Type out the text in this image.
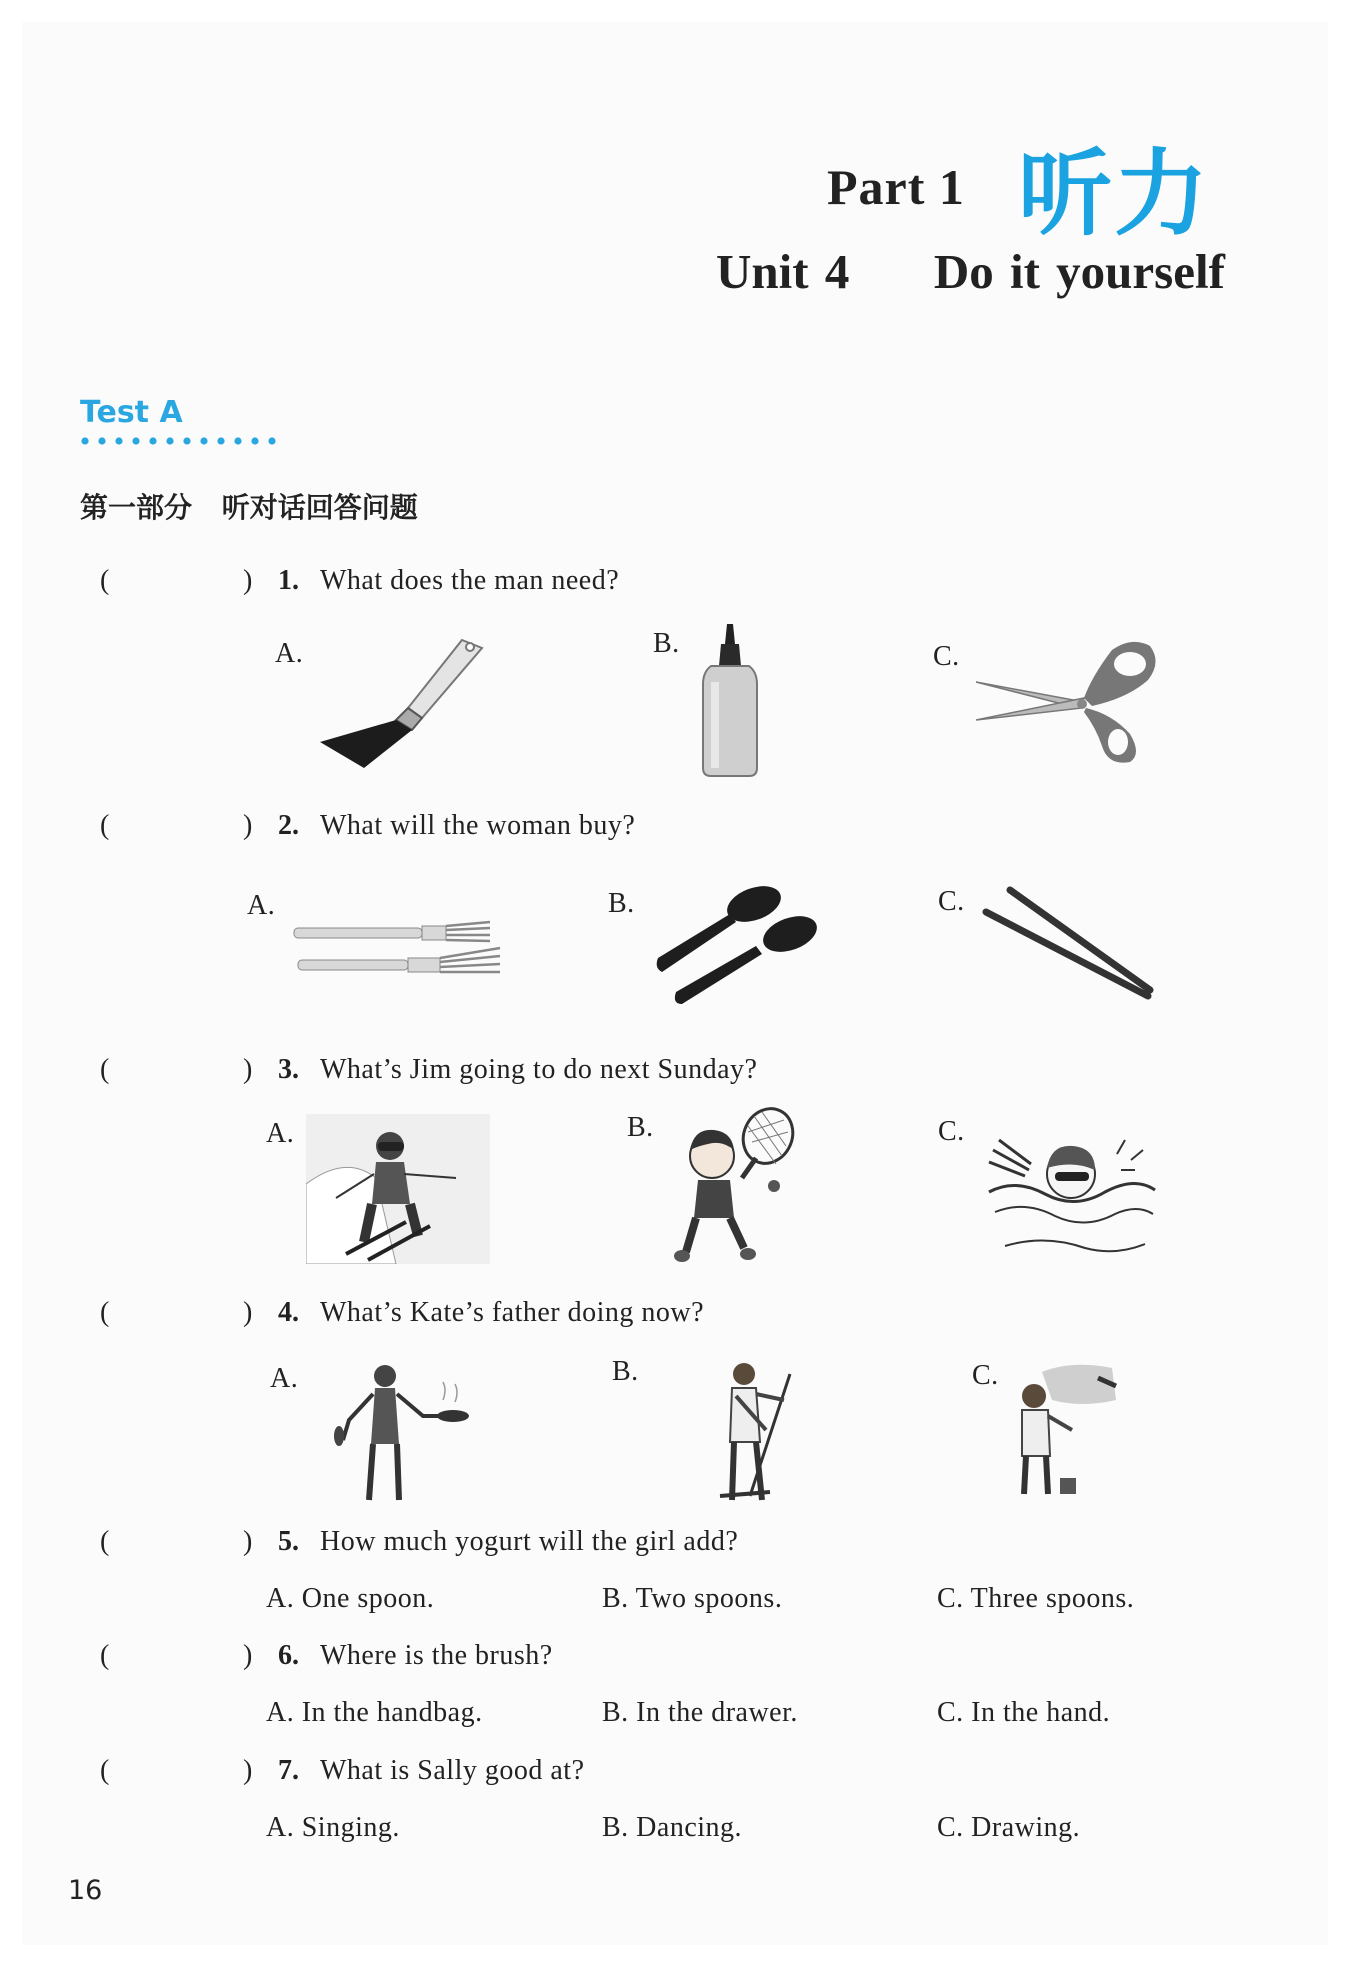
Part 1 听力
Unit 4 Do it yourself
Test A
第一部分 听对话回答问题
(	) 1. What does the man need?
A.	B.	C.
(	) 2. What will the woman buy?
A.	B.	C.
(	) 3. What’s Jim going to do next Sunday?
A.	B.	C.
(	) 4. What’s Kate’s father doing now?
A.	B.	C.
(	) 5. How much yogurt will the girl add?
A. One spoon.	B. Two spoons.	C. Three spoons.
(	) 6. Where is the brush?
A. In the handbag.	B. In the drawer.	C. In the hand.
(	) 7. What is Sally good at?
A. Singing.	B. Dancing.	C. Drawing.
16
